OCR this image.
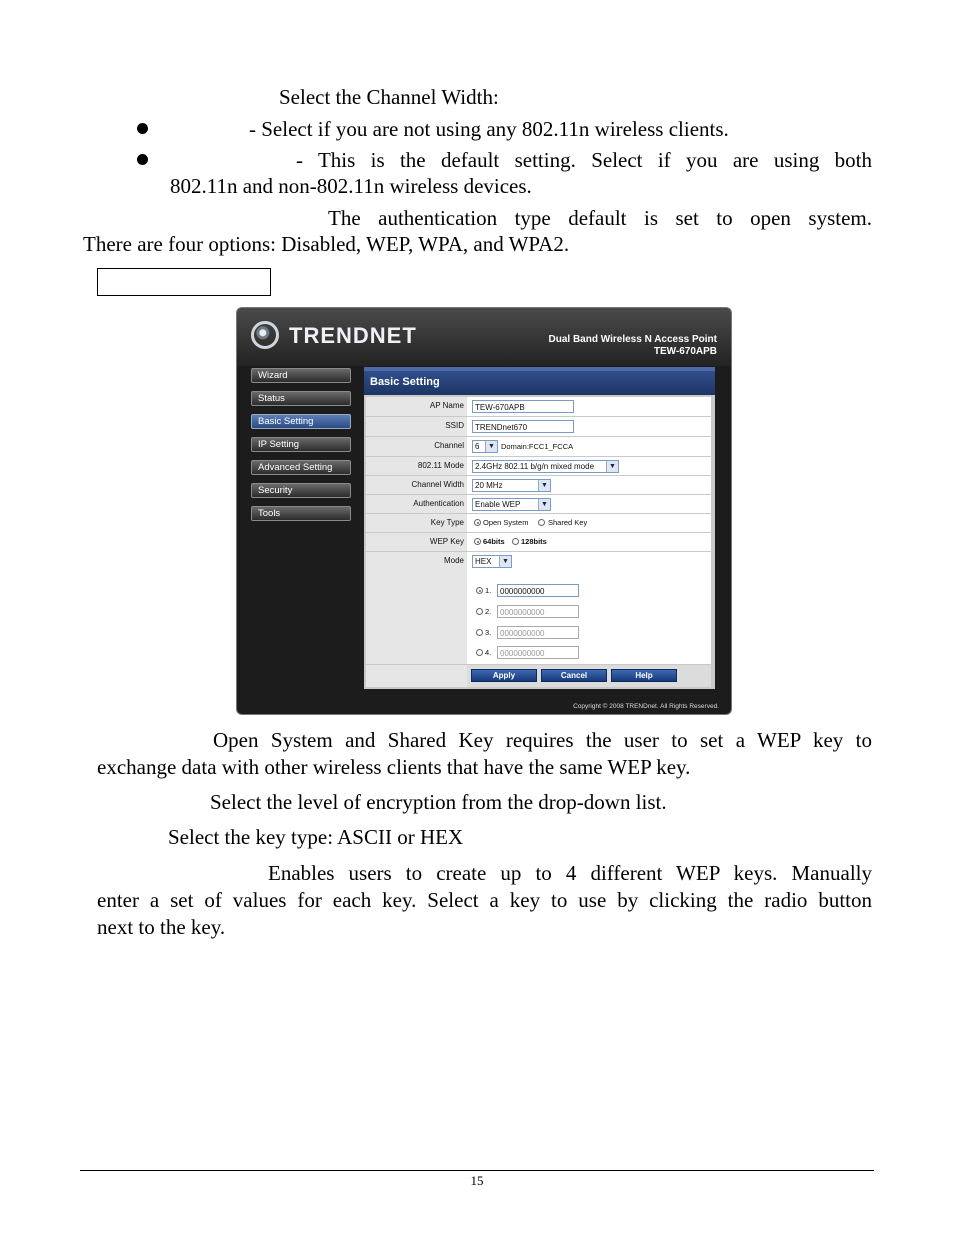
Select the Channel Width:
- Select if you are not using any 802.11n wireless clients.
- This is the default setting. Select if you are using both
802.11n and non-802.11n wireless devices.
The authentication type default is set to open system.
There are four options: Disabled, WEP, WPA, and WPA2.
TRENDNET	Dual Band Wireless N Access Point
TEW-670APB
Wizard
Status
Basic Setting
IP Setting
Advanced Setting
Security
Tools
Basic Setting
AP Name	TEW-670APB
SSID	TRENDnet670
Channel	6	▼ Domain:FCC1_FCCA
802.11 Mode	2.4GHz 802.11 b/g/n mixed mode	▼
Channel Width	20 MHz	▼
Authentication	Enable WEP	▼
Key Type	Open System	Shared Key
WEP Key	64bits 128bits
Mode	HEX	▼
1.	0000000000
2.	0000000000
3.	0000000000
4.	0000000000
Apply	Cancel	Help
Copyright © 2008 TRENDnet. All Rights Reserved.
Open System and Shared Key requires the user to set a WEP key to
exchange data with other wireless clients that have the same WEP key.
Select the level of encryption from the drop-down list.
Select the key type: ASCII or HEX
Enables users to create up to 4 different WEP keys. Manually
enter a set of values for each key. Select a key to use by clicking the radio button
next to the key.
15
